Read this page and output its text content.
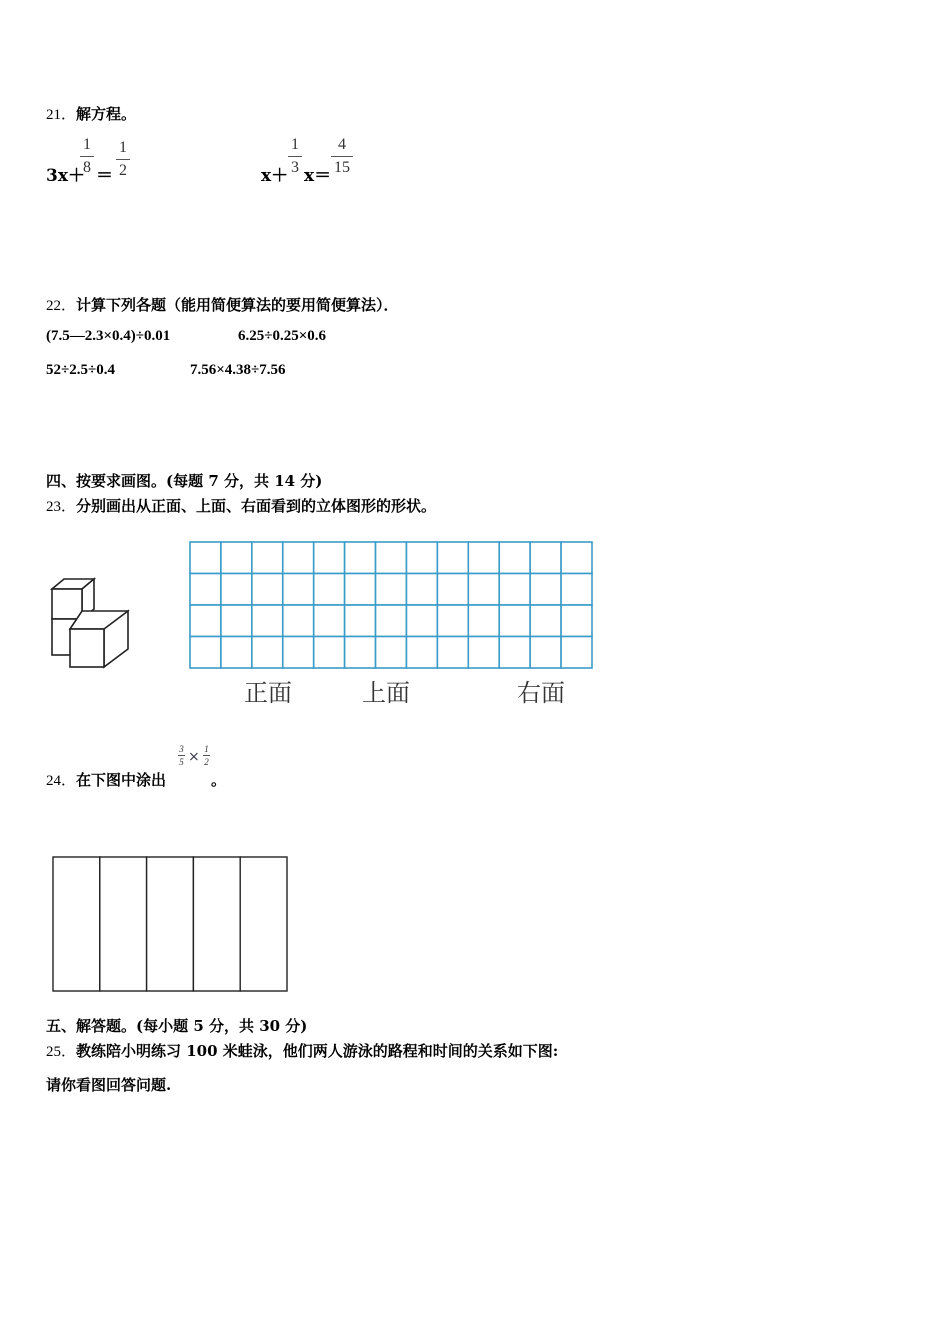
21．解方程。
3x＋
1
8 ＝
1
2	x＋
1
3 x＝
4
15
22．计算下列各题（能用简便算法的要用简便算法）．
(7.5—2.3×0.4)÷0.01	6.25÷0.25×0.6
52÷2.5÷0.4	7.56×4.38÷7.56
四、按要求画图。(每题 7 分，共 14 分)
23．分别画出从正面、上面、右面看到的立体图形的形状。
正面	上面	右面
24．在下图中涂出
3
5 × 1
2
。
五、解答题。(每小题 5 分，共 30 分)
25．教练陪小明练习 100 米蛙泳，他们两人游泳的路程和时间的关系如下图:
请你看图回答问题.
